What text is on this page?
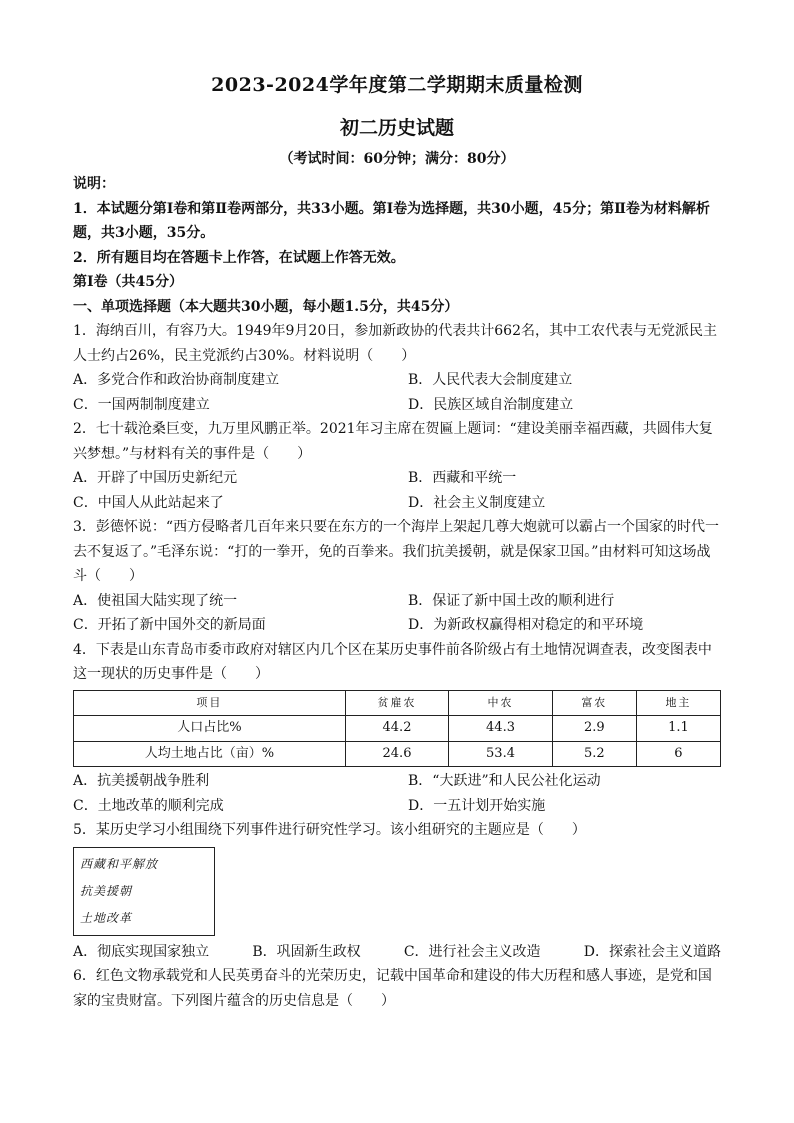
2023-2024学年度第二学期期末质量检测
初二历史试题
（考试时间：60分钟；满分：80分）
说明：
1．本试题分第Ⅰ卷和第Ⅱ卷两部分，共33小题。第Ⅰ卷为选择题，共30小题，45分；第Ⅱ卷为材料解析题，共3小题，35分。
2．所有题目均在答题卡上作答，在试题上作答无效。
第Ⅰ卷（共45分）
一、单项选择题（本大题共30小题，每小题1.5分，共45分）
1．海纳百川，有容乃大。1949年9月20日，参加新政协的代表共计662名，其中工农代表与无党派民主人士约占26%，民主党派约占30%。材料说明（　　）
A．多党合作和政治协商制度建立	B．人民代表大会制度建立
C．一国两制制度建立	D．民族区域自治制度建立
2．七十载沧桑巨变，九万里风鹏正举。2021年习主席在贺匾上题词：“建设美丽幸福西藏，共圆伟大复兴梦想。”与材料有关的事件是（　　）
A．开辟了中国历史新纪元	B．西藏和平统一
C．中国人从此站起来了	D．社会主义制度建立
3．彭德怀说：“西方侵略者几百年来只要在东方的一个海岸上架起几尊大炮就可以霸占一个国家的时代一去不复返了。”毛泽东说：“打的一拳开，免的百拳来。我们抗美援朝，就是保家卫国。”由材料可知这场战斗（　　）
A．使祖国大陆实现了统一	B．保证了新中国土改的顺利进行
C．开拓了新中国外交的新局面	D．为新政权赢得相对稳定的和平环境
4．下表是山东青岛市委市政府对辖区内几个区在某历史事件前各阶级占有土地情况调查表，改变图表中这一现状的历史事件是（　　）
项目	贫雇农	中农	富农	地主
人口占比%	44.2	44.3	2.9	1.1
人均土地占比（亩）%	24.6	53.4	5.2	6
A．抗美援朝战争胜利	B．“大跃进”和人民公社化运动
C．土地改革的顺利完成	D．一五计划开始实施
5．某历史学习小组围绕下列事件进行研究性学习。该小组研究的主题应是（　　）
西藏和平解放
抗美援朝
土地改革
A．彻底实现国家独立	B．巩固新生政权	C．进行社会主义改造	D．探索社会主义道路
6．红色文物承载党和人民英勇奋斗的光荣历史，记载中国革命和建设的伟大历程和感人事迹，是党和国家的宝贵财富。下列图片蕴含的历史信息是（　　）
